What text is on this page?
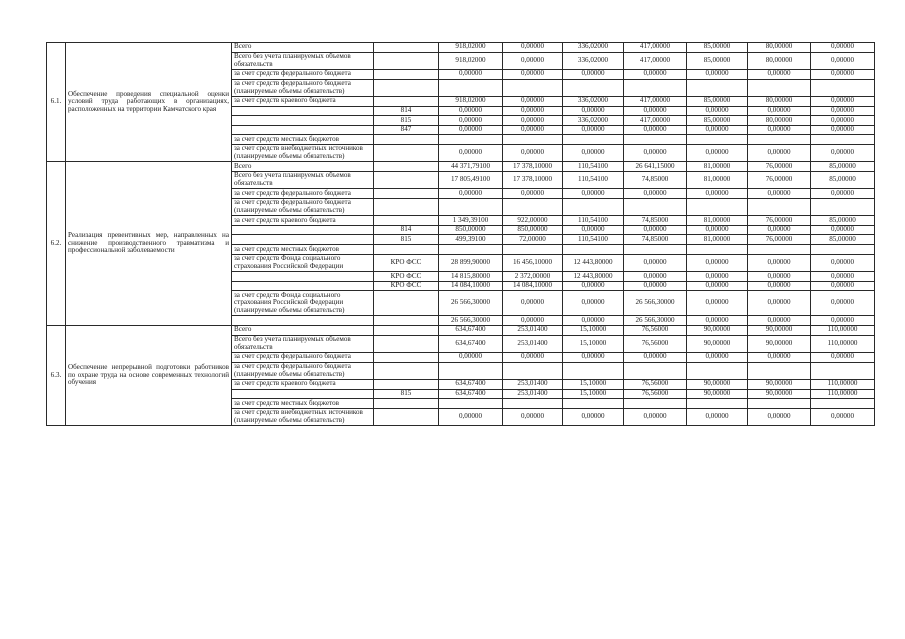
6.1.	Обеспечение проведения специальной оценки условий труда работающих в организациях, расположенных на территории Камчатского края	Всего		918,02000	0,00000	336,02000	417,00000	85,00000	80,00000	0,00000
		Всего без учета планируемых объемов обязательств		918,02000	0,00000	336,02000	417,00000	85,00000	80,00000	0,00000
		за счет средств федерального бюджета		0,00000	0,00000	0,00000	0,00000	0,00000	0,00000	0,00000
		за счет средств федерального бюджета (планируемые объемы обязательств)								
		за счет средств краевого бюджета		918,02000	0,00000	336,02000	417,00000	85,00000	80,00000	0,00000
			814	0,00000	0,00000	0,00000	0,00000	0,00000	0,00000	0,00000
			815	0,00000	0,00000	336,02000	417,00000	85,00000	80,00000	0,00000
			847	0,00000	0,00000	0,00000	0,00000	0,00000	0,00000	0,00000
		за счет средств местных бюджетов								
		за счет средств внебюджетных источников (планируемые объемы обязательств)		0,00000	0,00000	0,00000	0,00000	0,00000	0,00000	0,00000
6.2.	Реализация превентивных мер, направленных на снижение производственного травматизма и профессиональной заболеваемости	Всего		44 371,79100	17 378,10000	110,54100	26 641,15000	81,00000	76,00000	85,00000
		Всего без учета планируемых объемов обязательств		17 805,49100	17 378,10000	110,54100	74,85000	81,00000	76,00000	85,00000
		за счет средств федерального бюджета		0,00000	0,00000	0,00000	0,00000	0,00000	0,00000	0,00000
		за счет средств федерального бюджета (планируемые объемы обязательств)								
		за счет средств краевого бюджета		1 349,39100	922,00000	110,54100	74,85000	81,00000	76,00000	85,00000
			814	850,00000	850,00000	0,00000	0,00000	0,00000	0,00000	0,00000
			815	499,39100	72,00000	110,54100	74,85000	81,00000	76,00000	85,00000
		за счет средств местных бюджетов								
		за счет средств Фонда социального страхования Российской Федерации	КРО ФСС	28 899,90000	16 456,10000	12 443,80000	0,00000	0,00000	0,00000	0,00000
			КРО ФСС	14 815,80000	2 372,00000	12 443,80000	0,00000	0,00000	0,00000	0,00000
			КРО ФСС	14 084,10000	14 084,10000	0,00000	0,00000	0,00000	0,00000	0,00000
		за счет средств Фонда социального страхования Российской Федерации (планируемые объемы обязательств)		26 566,30000	0,00000	0,00000	26 566,30000	0,00000	0,00000	0,00000
				26 566,30000	0,00000	0,00000	26 566,30000	0,00000	0,00000	0,00000
6.3.	Обеспечение непрерывной подготовки работников по охране труда на основе современных технологий обучения	Всего		634,67400	253,01400	15,10000	76,56000	90,00000	90,00000	110,00000
		Всего без учета планируемых объемов обязательств		634,67400	253,01400	15,10000	76,56000	90,00000	90,00000	110,00000
		за счет средств федерального бюджета		0,00000	0,00000	0,00000	0,00000	0,00000	0,00000	0,00000
		за счет средств федерального бюджета (планируемые объемы обязательств)								
		за счет средств краевого бюджета		634,67400	253,01400	15,10000	76,56000	90,00000	90,00000	110,00000
			815	634,67400	253,01400	15,10000	76,56000	90,00000	90,00000	110,00000
		за счет средств местных бюджетов								
		за счет средств внебюджетных источников (планируемые объемы обязательств)		0,00000	0,00000	0,00000	0,00000	0,00000	0,00000	0,00000
